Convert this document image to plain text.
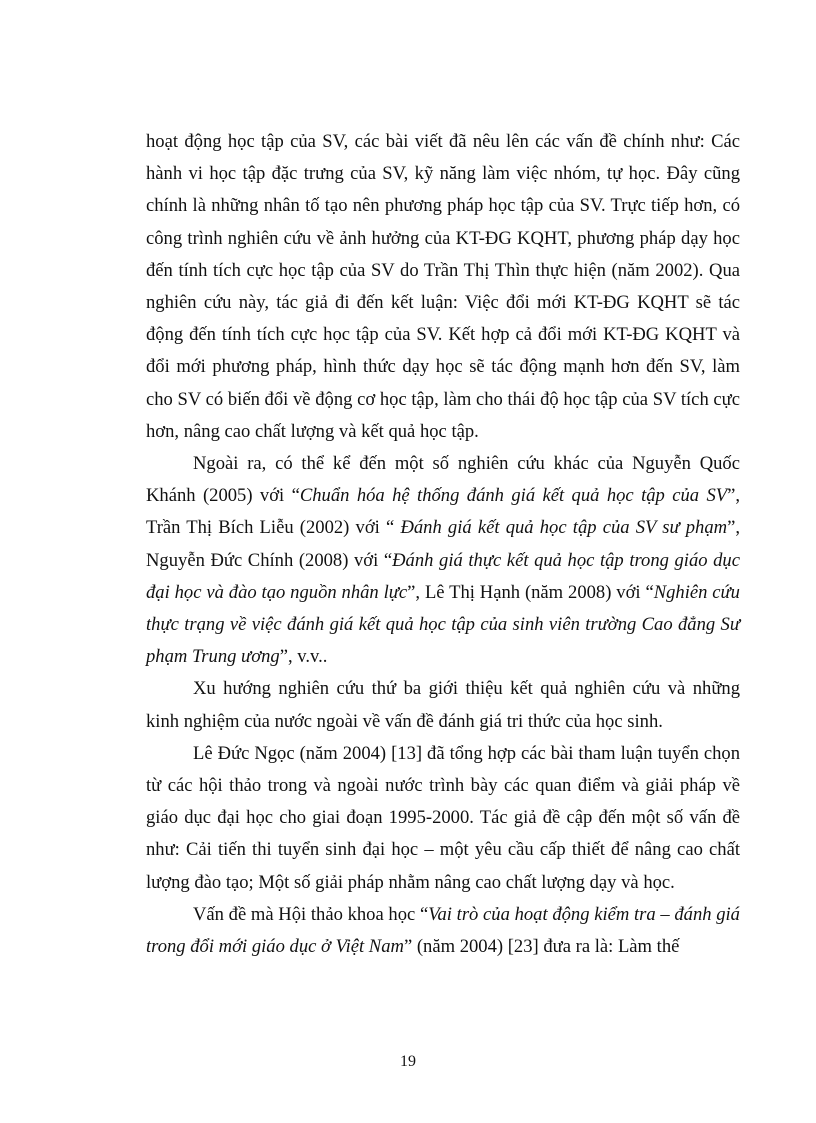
hoạt động học tập của SV, các bài viết đã nêu lên các vấn đề chính như: Các hành vi học tập đặc trưng của SV, kỹ năng làm việc nhóm, tự học. Đây cũng chính là những nhân tố tạo nên phương pháp học tập của SV. Trực tiếp hơn, có công trình nghiên cứu về ảnh hưởng của KT-ĐG KQHT, phương pháp dạy học đến tính tích cực học tập của SV do Trần Thị Thìn thực hiện (năm 2002). Qua nghiên cứu này, tác giả đi đến kết luận: Việc đổi mới KT-ĐG KQHT sẽ tác động đến tính tích cực học tập của SV. Kết hợp cả đổi mới KT-ĐG KQHT và đổi mới phương pháp, hình thức dạy học sẽ tác động mạnh hơn đến SV, làm cho SV có biến đổi về động cơ học tập, làm cho thái độ học tập của SV tích cực hơn, nâng cao chất lượng và kết quả học tập.

Ngoài ra, có thể kể đến một số nghiên cứu khác của Nguyễn Quốc Khánh (2005) với “Chuẩn hóa hệ thống đánh giá kết quả học tập của SV”, Trần Thị Bích Liễu (2002) với “ Đánh giá kết quả học tập của SV sư phạm”, Nguyễn Đức Chính (2008) với “Đánh giá thực kết quả học tập trong giáo dục đại học và đào tạo nguồn nhân lực”, Lê Thị Hạnh (năm 2008) với “Nghiên cứu thực trạng về việc đánh giá kết quả học tập của sinh viên trường Cao đẳng Sư phạm Trung ương”, v.v..

Xu hướng nghiên cứu thứ ba giới thiệu kết quả nghiên cứu và những kinh nghiệm của nước ngoài về vấn đề đánh giá tri thức của học sinh.

Lê Đức Ngọc (năm 2004) [13] đã tổng hợp các bài tham luận tuyển chọn từ các hội thảo trong và ngoài nước trình bày các quan điểm và giải pháp về giáo dục đại học cho giai đoạn 1995-2000. Tác giả đề cập đến một số vấn đề như: Cải tiến thi tuyển sinh đại học – một yêu cầu cấp thiết để nâng cao chất lượng đào tạo; Một số giải pháp nhằm nâng cao chất lượng dạy và học.

Vấn đề mà Hội thảo khoa học “Vai trò của hoạt động kiểm tra – đánh giá trong đổi mới giáo dục ở Việt Nam” (năm 2004) [23] đưa ra là: Làm thế

19
